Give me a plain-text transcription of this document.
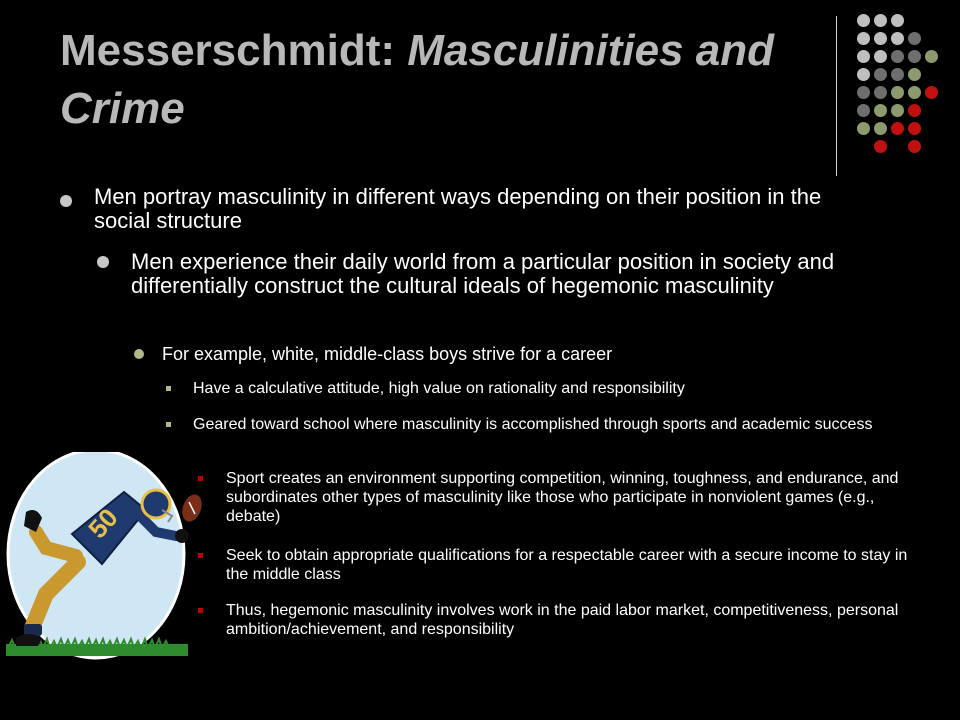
Messerschmidt: Masculinities and Crime
Men portray masculinity in different ways depending on their position in the social structure
Men experience their daily world from a particular position in society and differentially construct the cultural ideals of hegemonic masculinity
For example, white, middle-class boys strive for a career
Have a calculative attitude, high value on rationality and responsibility
Geared toward school where masculinity is accomplished through sports and academic success
Sport creates an environment supporting competition, winning, toughness, and endurance, and subordinates other types of masculinity like those who participate in nonviolent games (e.g., debate)
Seek to obtain appropriate qualifications for a respectable career with a secure income to stay in the middle class
Thus, hegemonic masculinity involves work in the paid labor market, competitiveness, personal ambition/achievement, and responsibility
50
